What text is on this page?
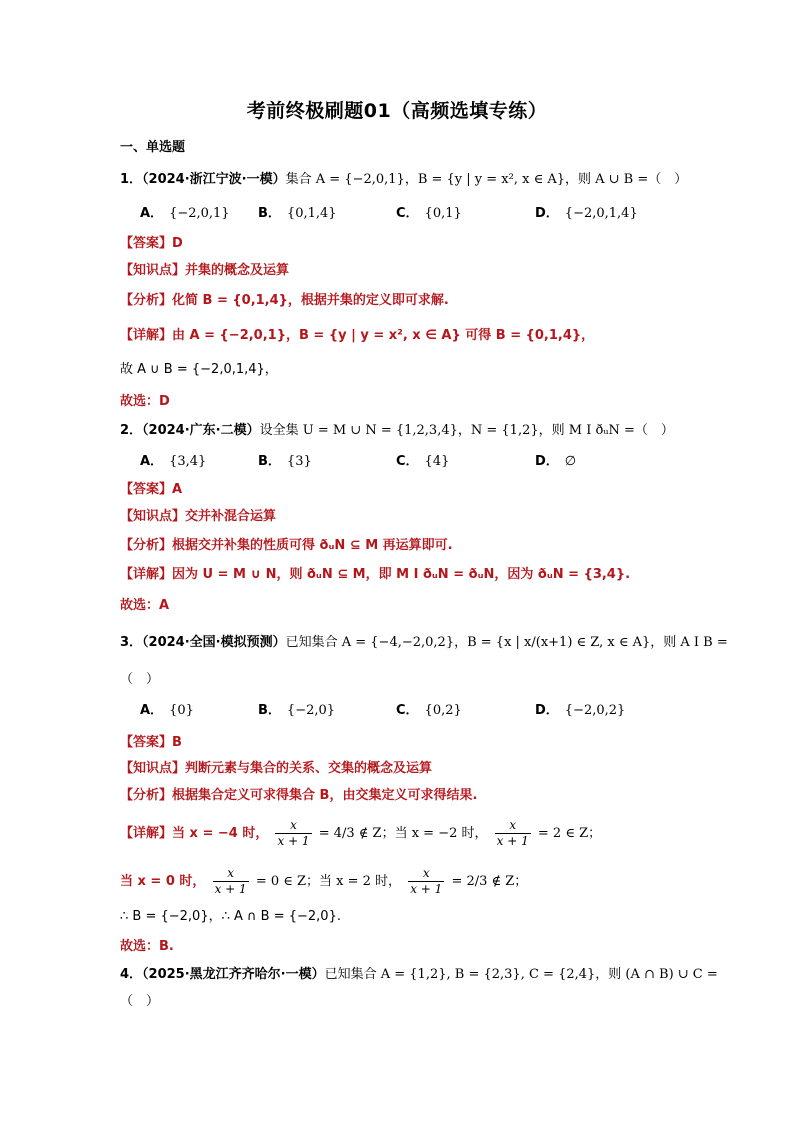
考前终极刷题01（高频选填专练）
一、单选题
1．（2024·浙江宁波·一模）集合 A = {−2,0,1}，B = {y | y = x², x ∈ A}，则 A ∪ B =（　）
A． {−2,0,1} B． {0,1,4}	C． {0,1}	D． {−2,0,1,4}
【答案】D
【知识点】并集的概念及运算
【分析】化简 B = {0,1,4}，根据并集的定义即可求解.
【详解】由 A = {−2,0,1}，B = {y | y = x², x ∈ A} 可得 B = {0,1,4}，
故 A ∪ B = {−2,0,1,4}，
故选：D
2．（2024·广东·二模）设全集 U = M ∪ N = {1,2,3,4}，N = {1,2}，则 M I ðᵤN =（　）
A． {3,4}	B． {3}	C． {4}	D． ∅
【答案】A
【知识点】交并补混合运算
【分析】根据交并补集的性质可得 ðᵤN ⊆ M 再运算即可.
【详解】因为 U = M ∪ N，则 ðᵤN ⊆ M，即 M I ðᵤN = ðᵤN，因为 ðᵤN = {3,4}.
故选：A
3．（2024·全国·模拟预测）已知集合 A = {−4,−2,0,2}，B = {x | x/(x+1) ∈ Z, x ∈ A}，则 A I B =
（　）
A． {0}	B． {−2,0}	C． {0,2}	D． {−2,0,2}
【答案】B
【知识点】判断元素与集合的关系、交集的概念及运算
【分析】根据集合定义可求得集合 B，由交集定义可求得结果.
【详解】当 x = −4 时， $\frac{x}{x + 1} = 4/3$ ∉ Z；当 x = −2 时， $\frac{x}{x + 1} = 2$ ∈ Z；
当 x = 0 时， $\frac{x}{x + 1} = 0$ ∈ Z；当 x = 2 时， $\frac{x}{x + 1} = 2/3$ ∉ Z；
∴ B = {−2,0}，∴ A ∩ B = {−2,0}.
故选：B.
4．（2025·黑龙江齐齐哈尔·一模）已知集合 A = {1,2}, B = {2,3}, C = {2,4}，则 (A ∩ B) ∪ C =
（　）
